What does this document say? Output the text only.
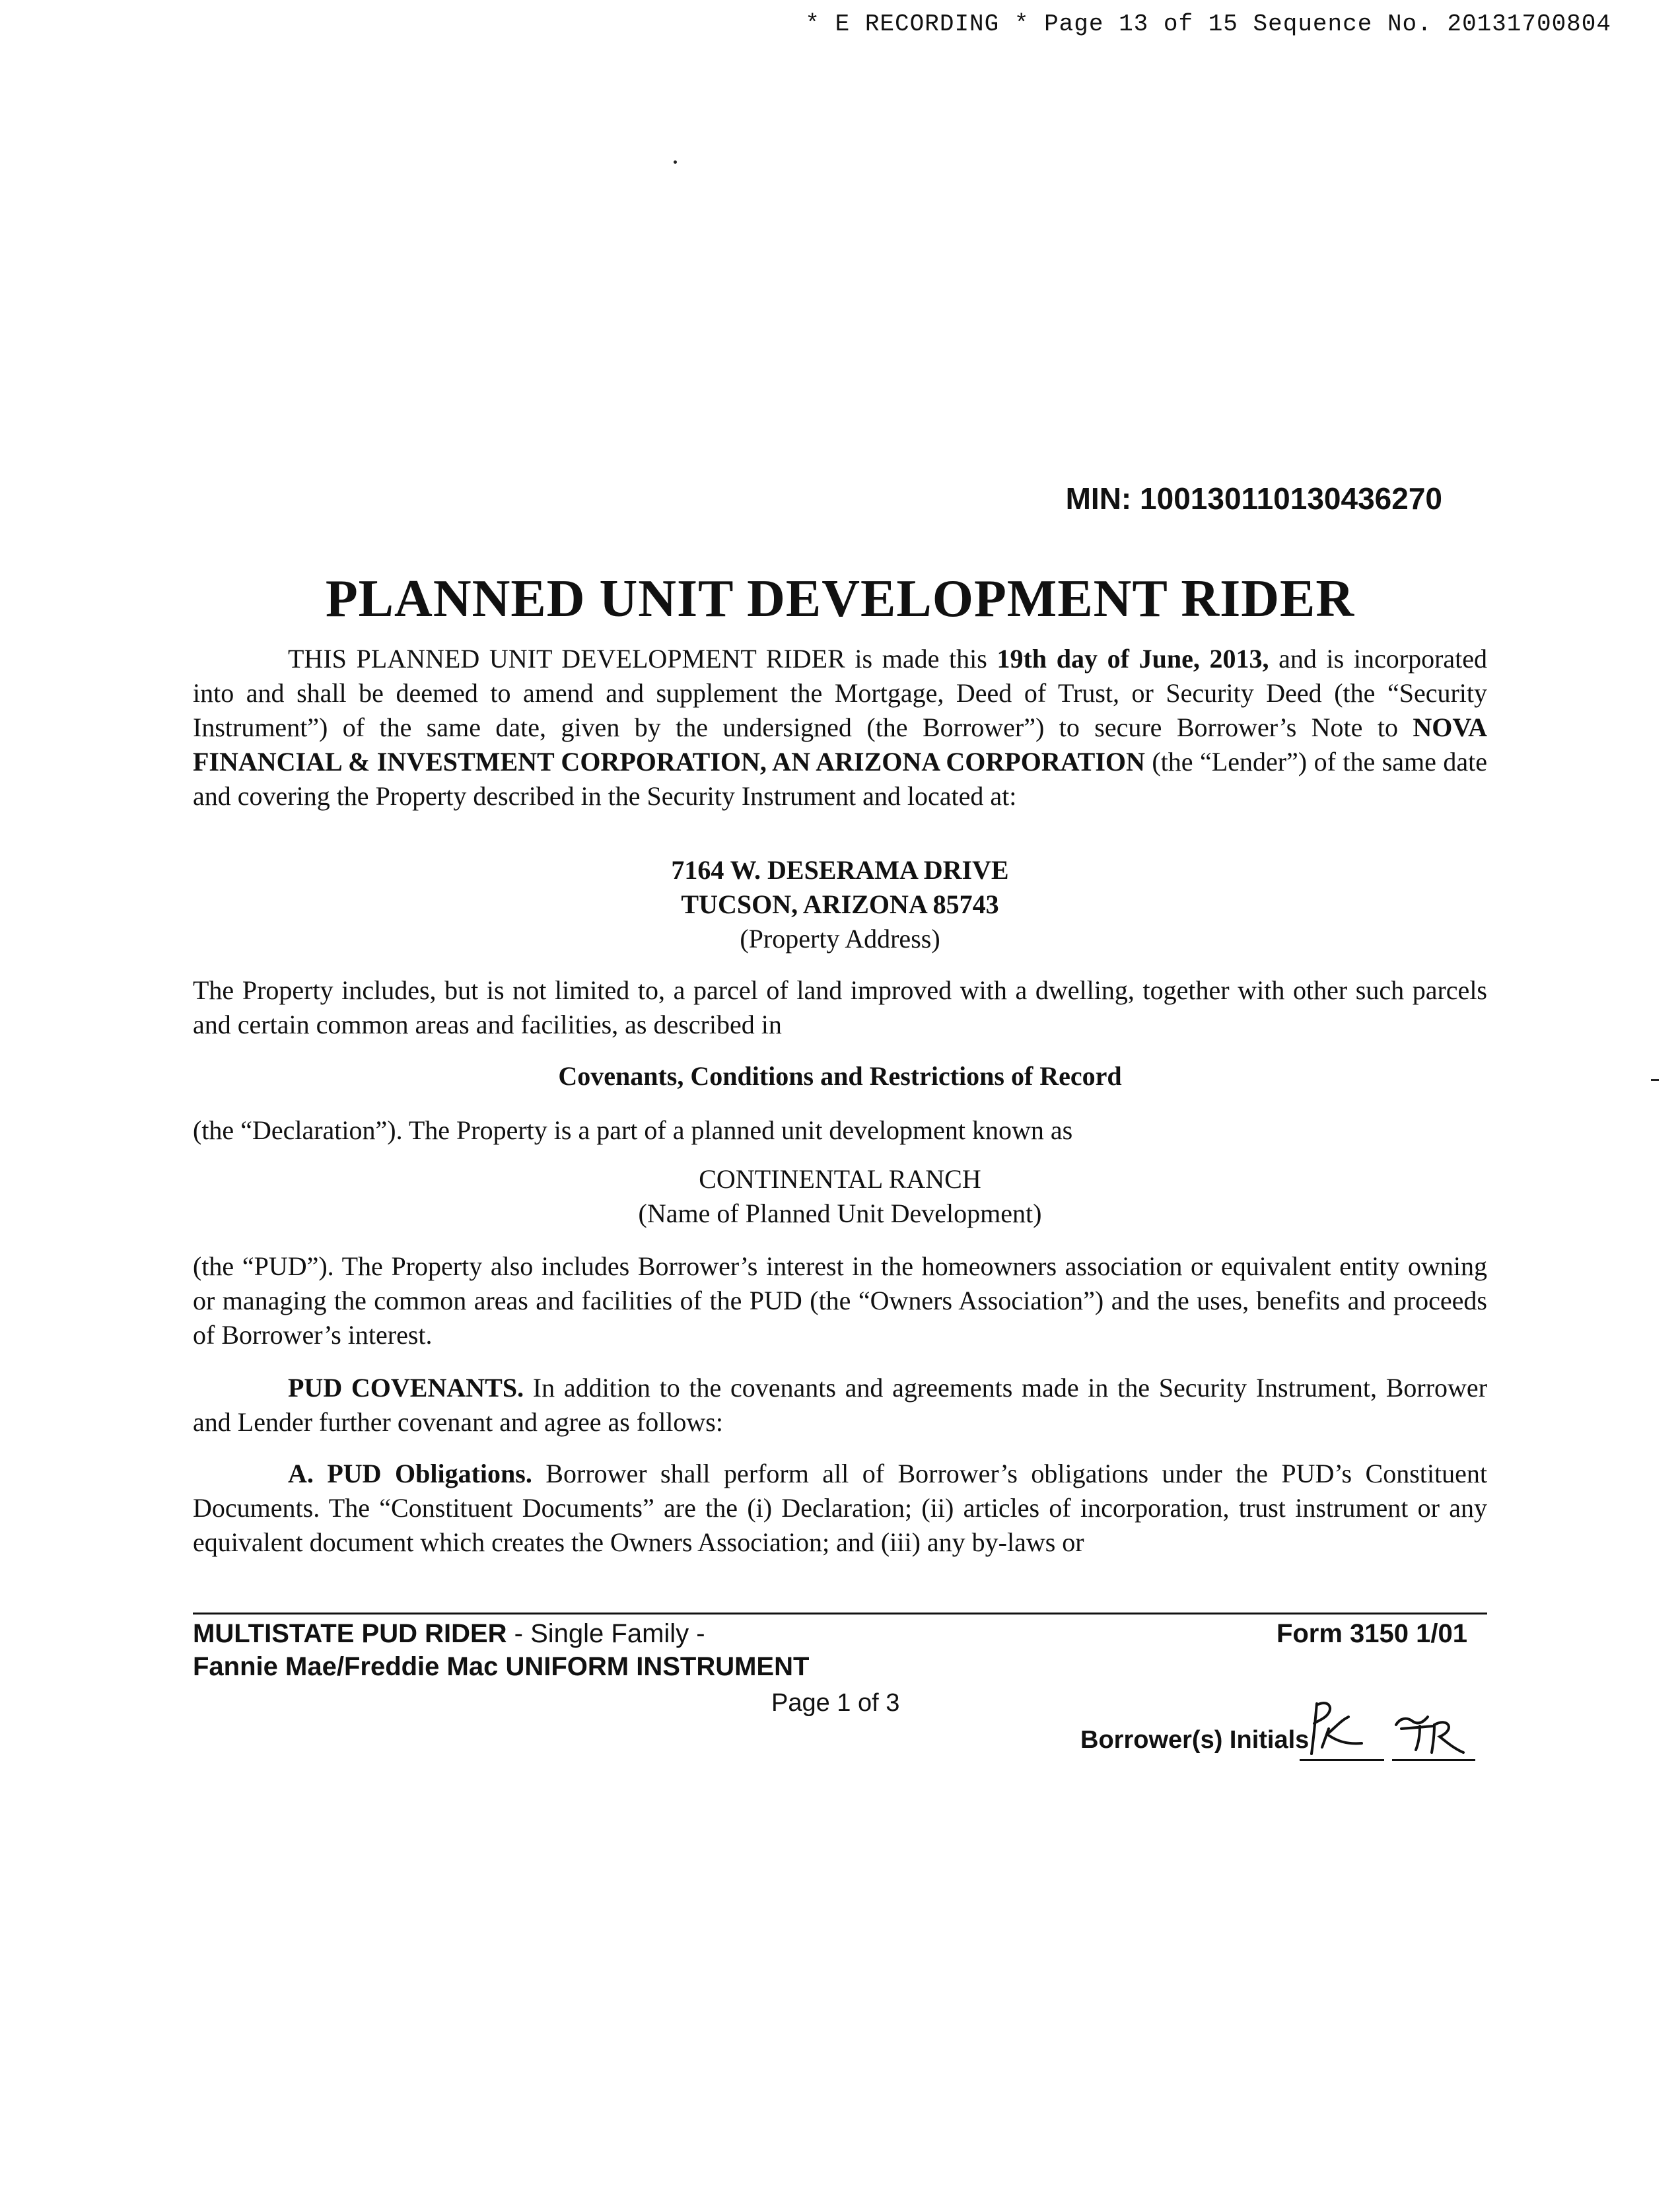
* E RECORDING * Page 13 of 15 Sequence No. 20131700804
MIN: 100130110130436270
PLANNED UNIT DEVELOPMENT RIDER

THIS PLANNED UNIT DEVELOPMENT RIDER is made this 19th day of June, 2013, and is incorporated into and shall be deemed to amend and supplement the Mortgage, Deed of Trust, or Security Deed (the “Security Instrument”) of the same date, given by the undersigned (the Borrower”) to secure Borrower’s Note to NOVA FINANCIAL & INVESTMENT CORPORATION, AN ARIZONA CORPORATION (the “Lender”) of the same date and covering the Property described in the Security Instrument and located at:

7164 W. DESERAMA DRIVE
TUCSON, ARIZONA 85743
(Property Address)

The Property includes, but is not limited to, a parcel of land improved with a dwelling, together with other such parcels and certain common areas and facilities, as described in

Covenants, Conditions and Restrictions of Record

(the “Declaration”). The Property is a part of a planned unit development known as

CONTINENTAL RANCH
(Name of Planned Unit Development)

(the “PUD”). The Property also includes Borrower’s interest in the homeowners association or equivalent entity owning or managing the common areas and facilities of the PUD (the “Owners Association”) and the uses, benefits and proceeds of Borrower’s interest.

PUD COVENANTS. In addition to the covenants and agreements made in the Security Instrument, Borrower and Lender further covenant and agree as follows:

A. PUD Obligations. Borrower shall perform all of Borrower’s obligations under the PUD’s Constituent Documents. The “Constituent Documents” are the (i) Declaration; (ii) articles of incorporation, trust instrument or any equivalent document which creates the Owners Association; and (iii) any by-laws or

MULTISTATE PUD RIDER - Single Family -
Fannie Mae/Freddie Mac UNIFORM INSTRUMENT
Form 3150 1/01
Page 1 of 3
Borrower(s) Initials
